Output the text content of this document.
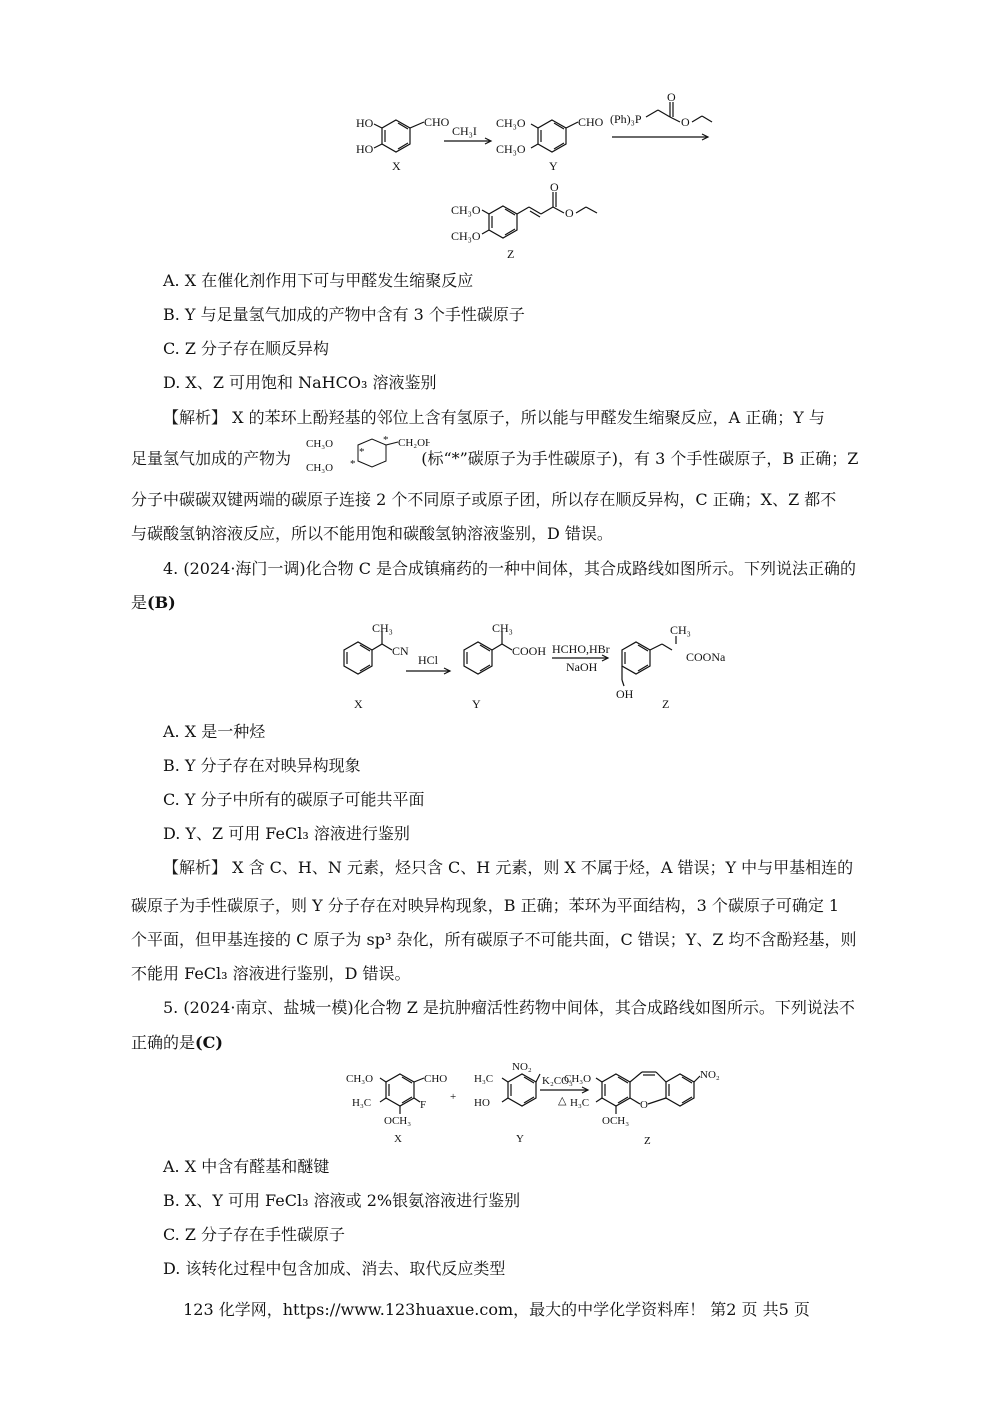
HO
HO
CHO
X
CH₃I
CH₃O
CH₃O
CHO
Y
(Ph)₃P
O
O
CH₃O
CH₃O
O
O
Z
A. X 在催化剂作用下可与甲醛发生缩聚反应
B. Y 与足量氢气加成的产物中含有 3 个手性碳原子
C. Z 分子存在顺反异构
D. X、Z 可用饱和 NaHCO₃ 溶液鉴别
【解析】 X 的苯环上酚羟基的邻位上含有氢原子，所以能与甲醛发生缩聚反应，A 正确；Y 与
足量氢气加成的产物为	(标“*”碳原子为手性碳原子)，有 3 个手性碳原子，B 正确；Z
CH₃O
CH₃O
CH₂OH
*
*
*
分子中碳碳双键两端的碳原子连接 2 个不同原子或原子团，所以存在顺反异构，C 正确；X、Z 都不
与碳酸氢钠溶液反应，所以不能用饱和碳酸氢钠溶液鉴别，D 错误。
4. (2024·海门一调)化合物 C 是合成镇痛药的一种中间体，其合成路线如图所示。下列说法正确的
是(B)
CH₃
CN
X
HCl
CH₃
COOH
Y
HCHO,HBr
NaOH
CH₃
COONa
OH
Z
A. X 是一种烃
B. Y 分子存在对映异构现象
C. Y 分子中所有的碳原子可能共平面
D. Y、Z 可用 FeCl₃ 溶液进行鉴别
【解析】 X 含 C、H、N 元素，烃只含 C、H 元素，则 X 不属于烃，A 错误；Y 中与甲基相连的
碳原子为手性碳原子，则 Y 分子存在对映异构现象，B 正确；苯环为平面结构，3 个碳原子可确定 1
个平面，但甲基连接的 C 原子为 sp³ 杂化，所有碳原子不可能共面，C 错误；Y、Z 均不含酚羟基，则
不能用 FeCl₃ 溶液进行鉴别，D 错误。
5. (2024·南京、盐城一模)化合物 Z 是抗肿瘤活性药物中间体，其合成路线如图所示。下列说法不
正确的是(C)
CH₃O	CHO
H₃C	F
OCH₃
X
+
H₃C
NO₂
HO
Y
K₂CO₃
△
CH₃O
H₃C	O
OCH₃
NO₂
Z
A. X 中含有醛基和醚键
B. X、Y 可用 FeCl₃ 溶液或 2%银氨溶液进行鉴别
C. Z 分子存在手性碳原子
D. 该转化过程中包含加成、消去、取代反应类型
123 化学网，https://www.123huaxue.com，最大的中学化学资料库！ 第2 页 共5 页
